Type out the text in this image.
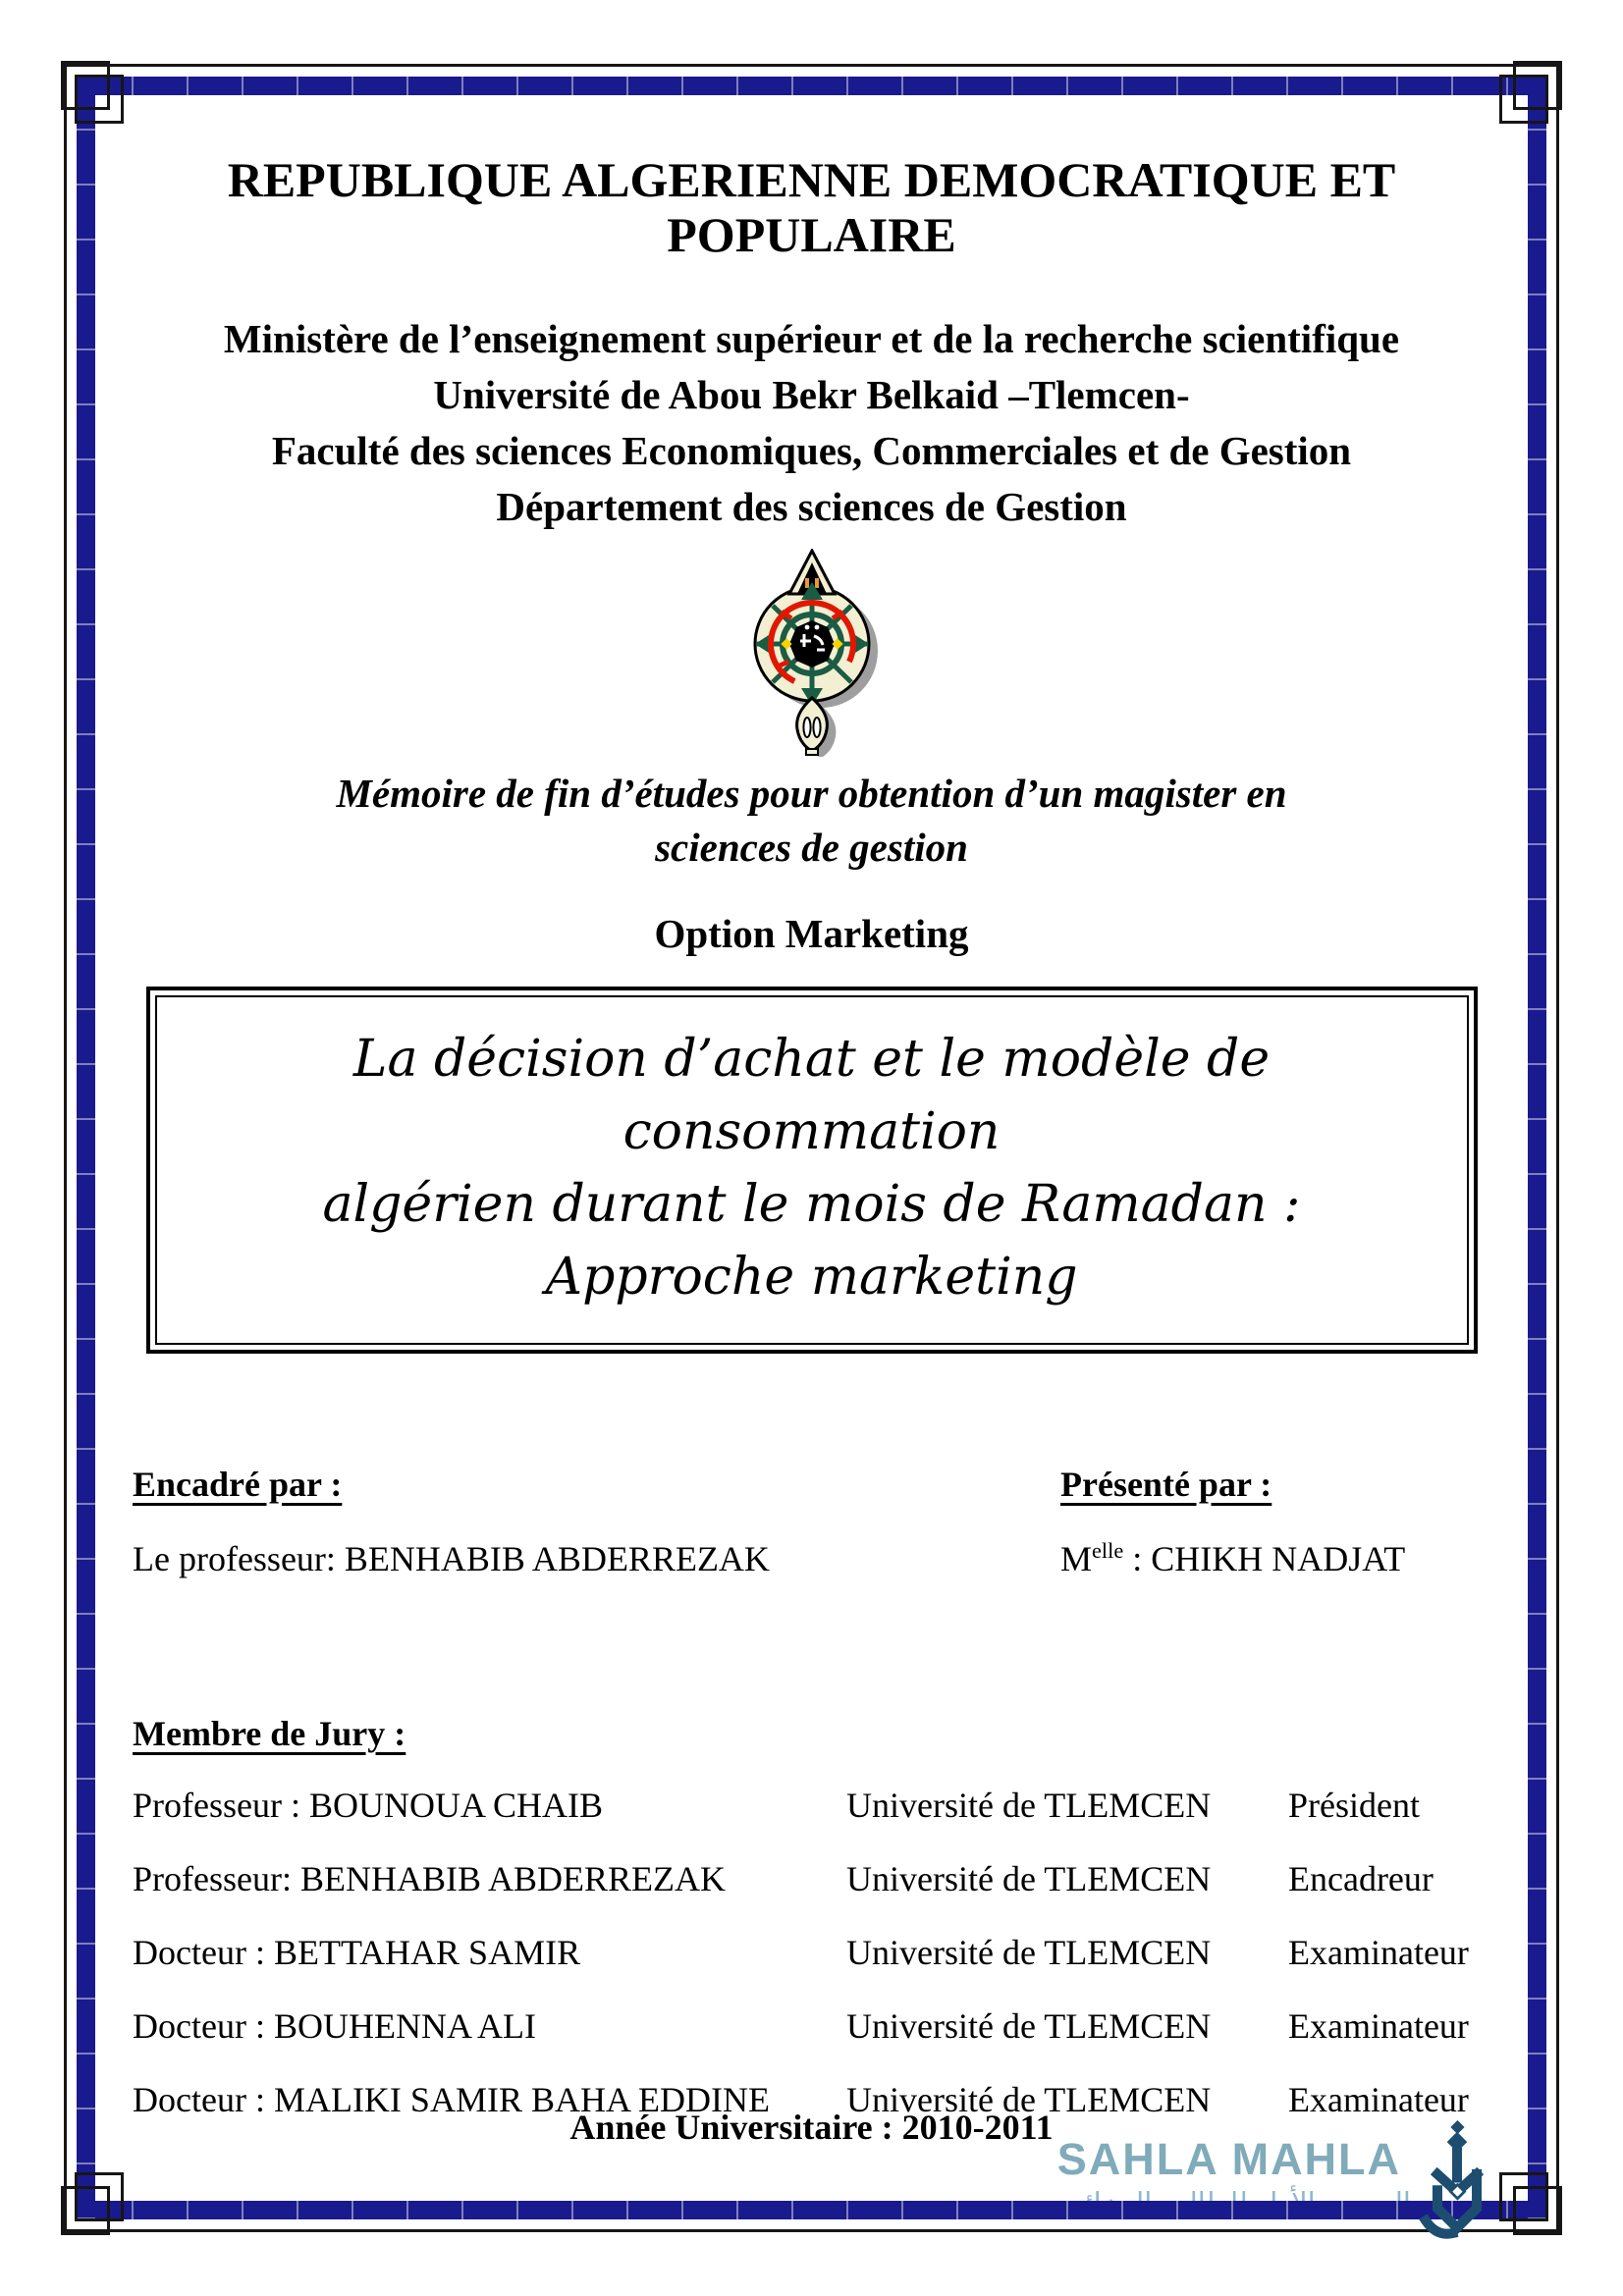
REPUBLIQUE ALGERIENNE DEMOCRATIQUE ET POPULAIRE
Ministère de l’enseignement supérieur et de la recherche scientifique
Université de Abou Bekr Belkaid –Tlemcen-
Faculté des sciences Economiques, Commerciales et de Gestion
Département des sciences de Gestion
Mémoire de fin d’études pour obtention d’un magister en
sciences de gestion
Option Marketing
La décision d’achat et le modèle de consommation
algérien durant le mois de Ramadan :
Approche marketing
Encadré par :
Le professeur: BENHABIB ABDERREZAK
Présenté par :
$M^{elle}$ : CHIKH NADJAT
Membre de Jury :
Professeur : BOUNOUA CHAIB	Université de TLEMCEN	Président
Professeur: BENHABIB ABDERREZAK	Université de TLEMCEN	Encadreur
Docteur : BETTAHAR SAMIR	Université de TLEMCEN	Examinateur
Docteur : BOUHENNA ALI	Université de TLEMCEN	Examinateur
Docteur : MALIKI SAMIR BAHA EDDINE	Université de TLEMCEN	Examinateur
Année Universitaire : 2010-2011
SAHLA MAHLA
